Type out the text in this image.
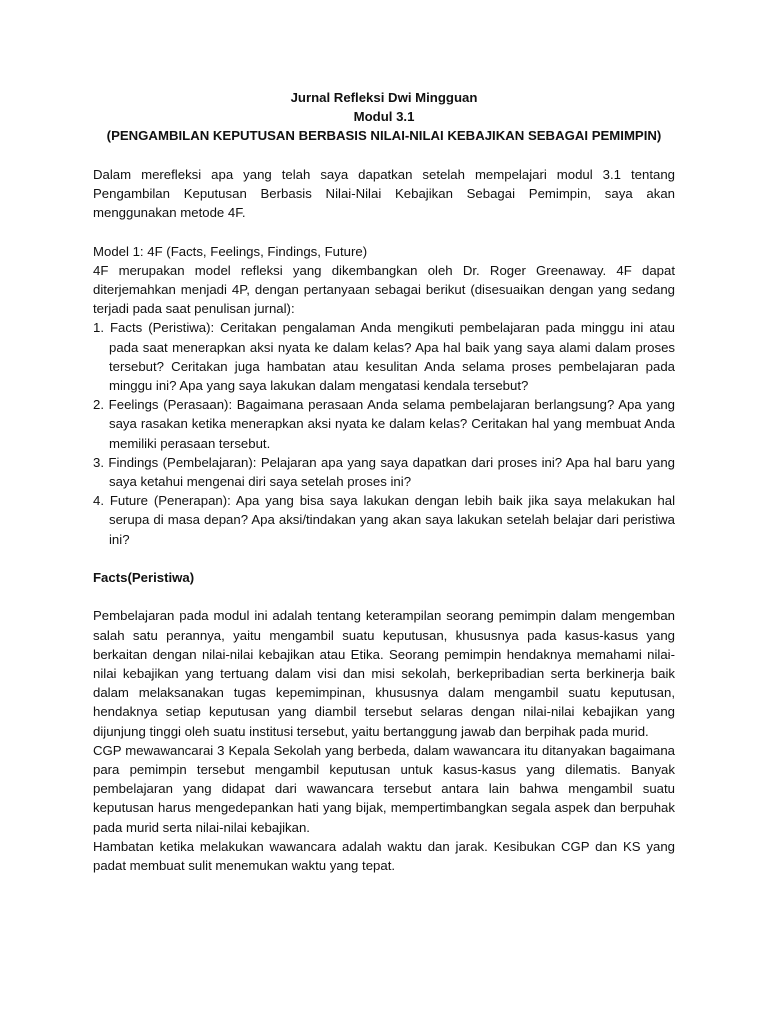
Jurnal Refleksi Dwi Mingguan
Modul 3.1
(PENGAMBILAN KEPUTUSAN BERBASIS NILAI-NILAI KEBAJIKAN SEBAGAI PEMIMPIN)

Dalam merefleksi apa yang telah saya dapatkan setelah mempelajari modul 3.1 tentang Pengambilan Keputusan Berbasis Nilai-Nilai Kebajikan Sebagai Pemimpin, saya akan menggunakan metode 4F.

Model 1: 4F (Facts, Feelings, Findings, Future)

4F merupakan model refleksi yang dikembangkan oleh Dr. Roger Greenaway. 4F dapat diterjemahkan menjadi 4P, dengan pertanyaan sebagai berikut (disesuaikan dengan yang sedang terjadi pada saat penulisan jurnal):

1. Facts (Peristiwa): Ceritakan pengalaman Anda mengikuti pembelajaran pada minggu ini atau pada saat menerapkan aksi nyata ke dalam kelas? Apa hal baik yang saya alami dalam proses tersebut? Ceritakan juga hambatan atau kesulitan Anda selama proses pembelajaran pada minggu ini? Apa yang saya lakukan dalam mengatasi kendala tersebut?
2. Feelings (Perasaan): Bagaimana perasaan Anda selama pembelajaran berlangsung? Apa yang saya rasakan ketika menerapkan aksi nyata ke dalam kelas? Ceritakan hal yang membuat Anda memiliki perasaan tersebut.
3. Findings (Pembelajaran): Pelajaran apa yang saya dapatkan dari proses ini? Apa hal baru yang saya ketahui mengenai diri saya setelah proses ini?
4. Future (Penerapan): Apa yang bisa saya lakukan dengan lebih baik jika saya melakukan hal serupa di masa depan? Apa aksi/tindakan yang akan saya lakukan setelah belajar dari peristiwa ini?

Facts(Peristiwa)

Pembelajaran pada modul ini adalah tentang keterampilan seorang pemimpin dalam mengemban salah satu perannya, yaitu mengambil suatu keputusan, khususnya pada kasus-kasus yang berkaitan dengan nilai-nilai kebajikan atau Etika. Seorang pemimpin hendaknya memahami nilai-nilai kebajikan yang tertuang dalam visi dan misi sekolah, berkepribadian serta berkinerja baik dalam melaksanakan tugas kepemimpinan, khususnya dalam mengambil suatu keputusan, hendaknya setiap keputusan yang diambil tersebut selaras dengan nilai-nilai kebajikan yang dijunjung tinggi oleh suatu institusi tersebut, yaitu bertanggung jawab dan berpihak pada murid.

CGP mewawancarai 3 Kepala Sekolah yang berbeda, dalam wawancara itu ditanyakan bagaimana para pemimpin tersebut mengambil keputusan untuk kasus-kasus yang dilematis. Banyak pembelajaran yang didapat dari wawancara tersebut antara lain bahwa mengambil suatu keputusan harus mengedepankan hati yang bijak, mempertimbangkan segala aspek dan berpuhak pada murid serta nilai-nilai kebajikan.

Hambatan ketika melakukan wawancara adalah waktu dan jarak. Kesibukan CGP dan KS yang padat membuat sulit menemukan waktu yang tepat.
